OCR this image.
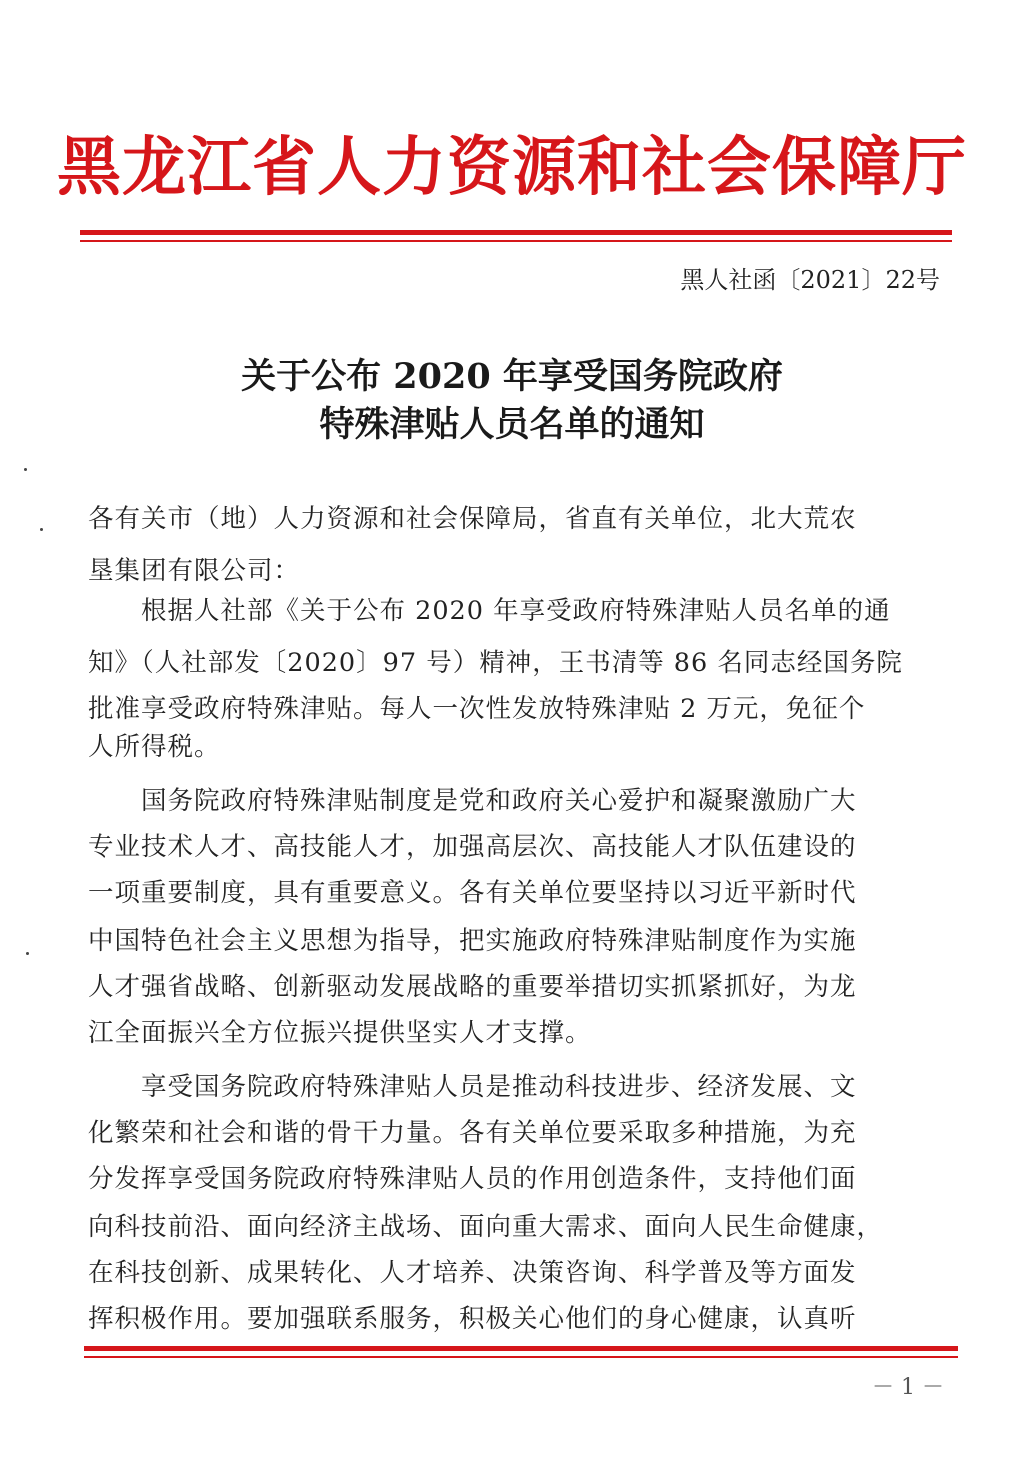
黑龙江省人力资源和社会保障厅
黑人社函〔2021〕22号
关于公布 2020 年享受国务院政府
特殊津贴人员名单的通知
各有关市（地）人力资源和社会保障局，省直有关单位，北大荒农
垦集团有限公司：
　　根据人社部《关于公布 2020 年享受政府特殊津贴人员名单的通
知》（人社部发〔2020〕97 号）精神，王书清等 86 名同志经国务院
批准享受政府特殊津贴。每人一次性发放特殊津贴 2 万元，免征个
人所得税。
　　国务院政府特殊津贴制度是党和政府关心爱护和凝聚激励广大
专业技术人才、高技能人才，加强高层次、高技能人才队伍建设的
一项重要制度，具有重要意义。各有关单位要坚持以习近平新时代
中国特色社会主义思想为指导，把实施政府特殊津贴制度作为实施
人才强省战略、创新驱动发展战略的重要举措切实抓紧抓好，为龙
江全面振兴全方位振兴提供坚实人才支撑。
　　享受国务院政府特殊津贴人员是推动科技进步、经济发展、文
化繁荣和社会和谐的骨干力量。各有关单位要采取多种措施，为充
分发挥享受国务院政府特殊津贴人员的作用创造条件，支持他们面
向科技前沿、面向经济主战场、面向重大需求、面向人民生命健康，
在科技创新、成果转化、人才培养、决策咨询、科学普及等方面发
挥积极作用。要加强联系服务，积极关心他们的身心健康，认真听
－ 1 －
